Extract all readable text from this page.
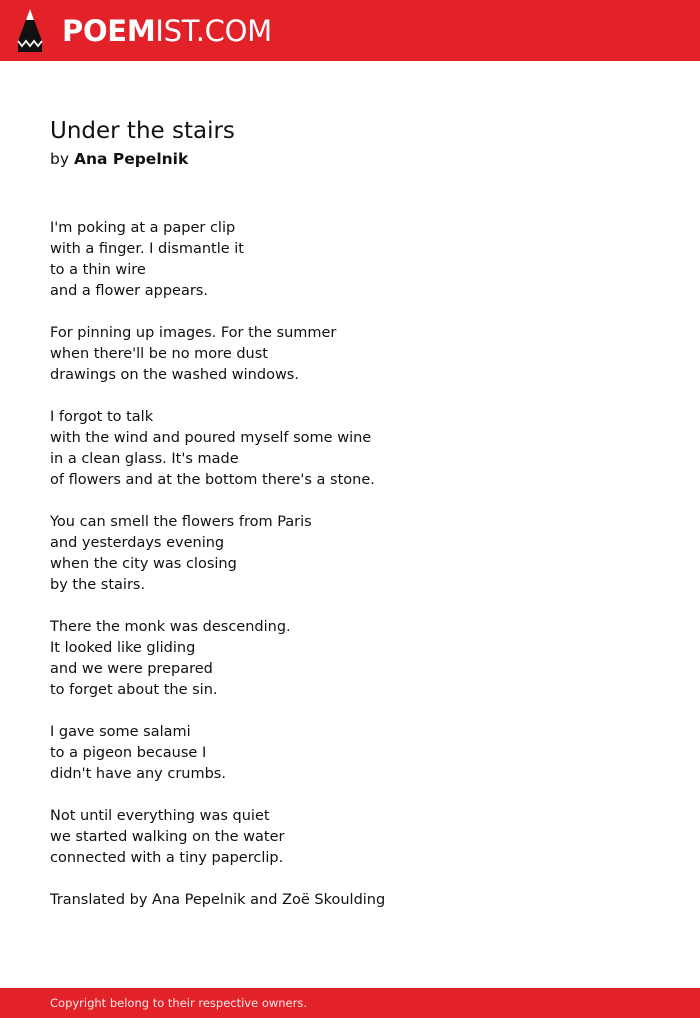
POEMIST.COM
Under the stairs
by Ana Pepelnik
I'm poking at a paper clip
with a finger. I dismantle it
to a thin wire
and a flower appears.
For pinning up images. For the summer
when there'll be no more dust
drawings on the washed windows.
I forgot to talk
with the wind and poured myself some wine
in a clean glass. It's made
of flowers and at the bottom there's a stone.
You can smell the flowers from Paris
and yesterdays evening
when the city was closing
by the stairs.
There the monk was descending.
It looked like gliding
and we were prepared
to forget about the sin.
I gave some salami
to a pigeon because I
didn't have any crumbs.
Not until everything was quiet
we started walking on the water
connected with a tiny paperclip.
Translated by Ana Pepelnik and Zoë Skoulding
Copyright belong to their respective owners.
